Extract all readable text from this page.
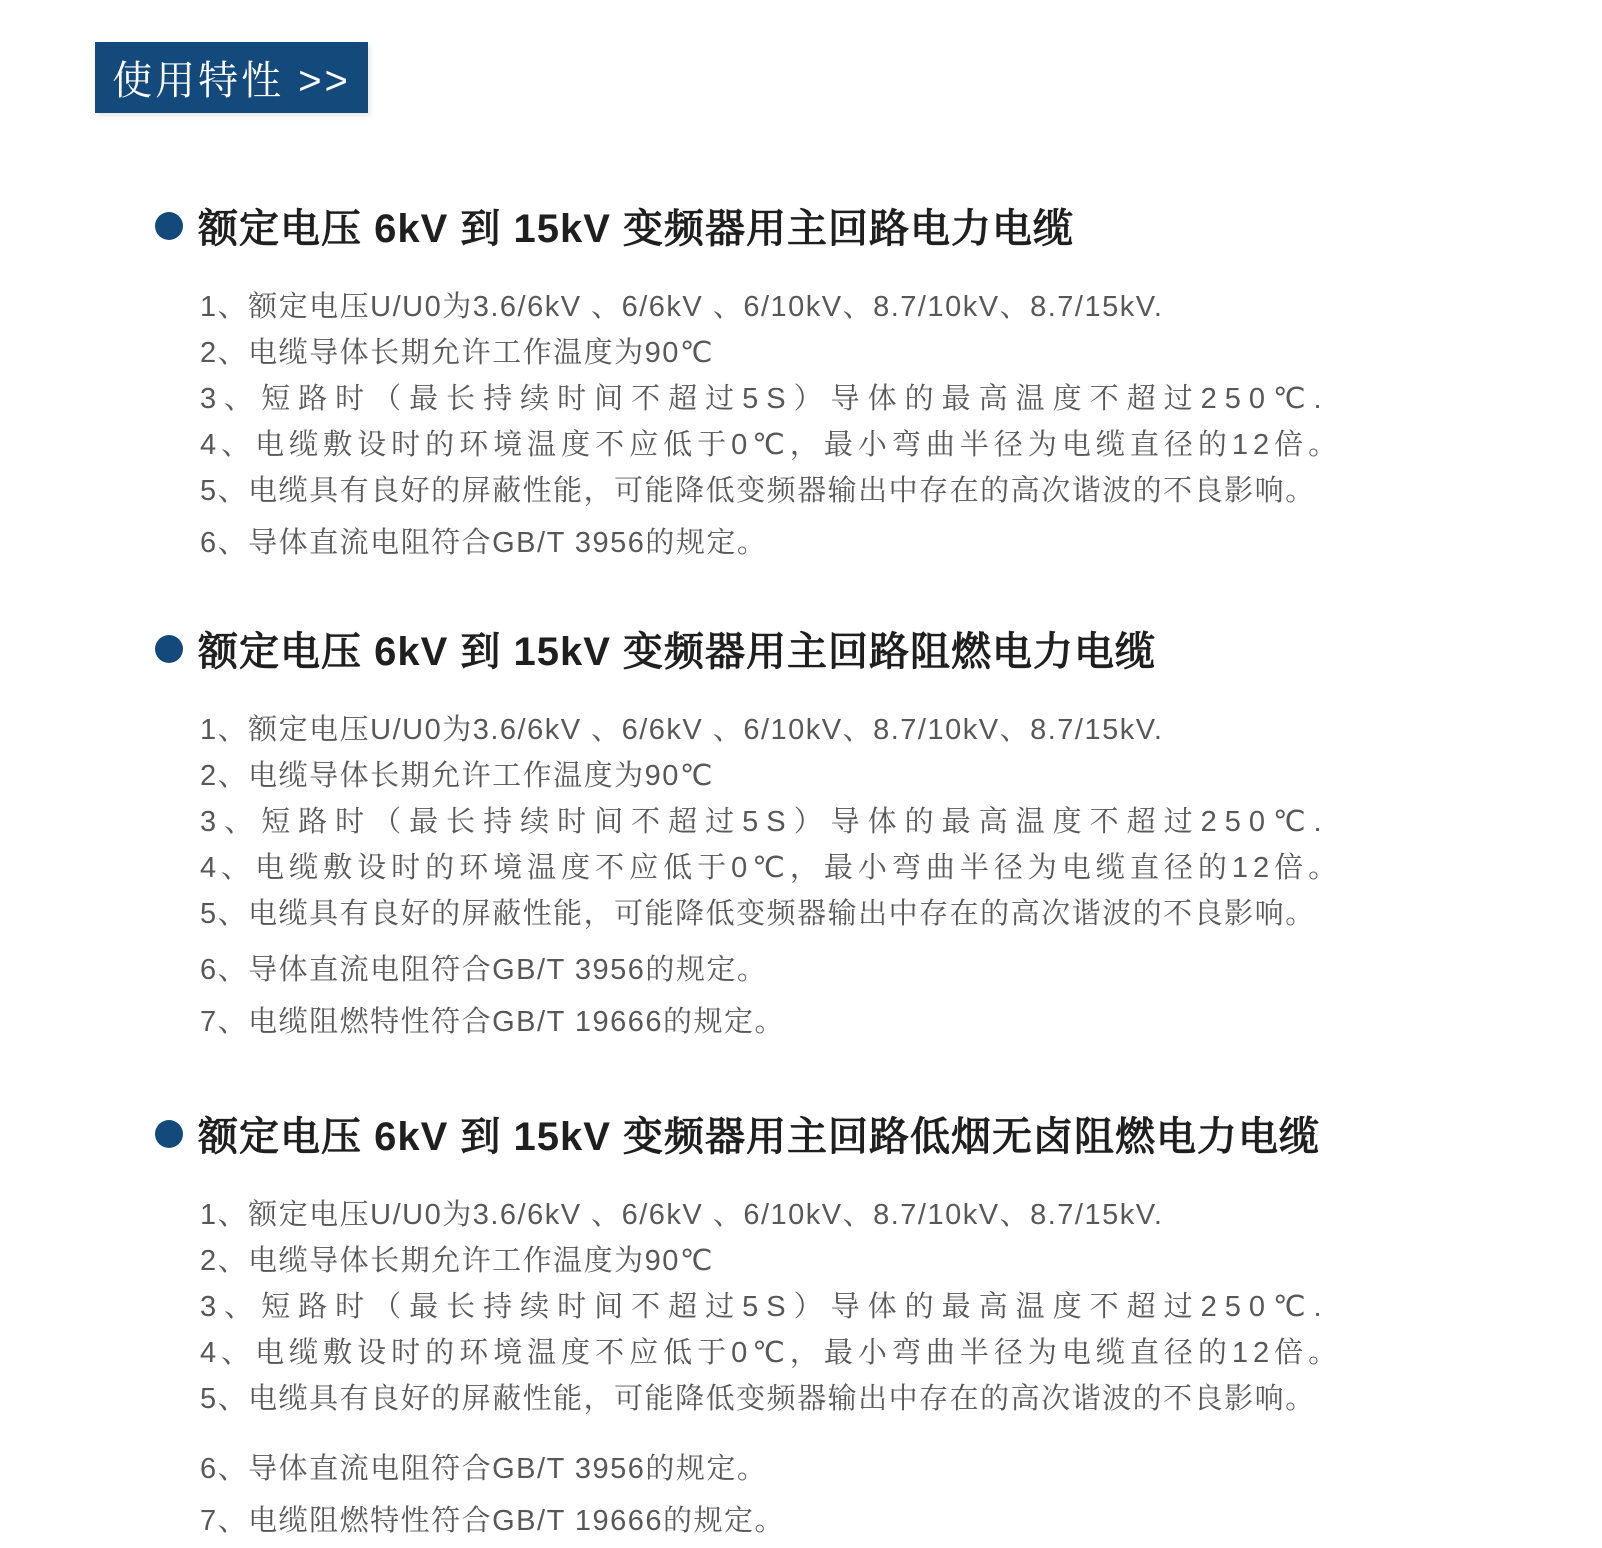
使用特性 >>
额定电压 6kV 到 15kV 变频器用主回路电力电缆
1、额定电压U/U0为3.6/6kV 、6/6kV 、6/10kV、8.7/10kV、8.7/15kV.
2、电缆导体长期允许工作温度为90℃
3、短路时（最长持续时间不超过5S）导体的最高温度不超过250℃.
4、电缆敷设时的环境温度不应低于0℃，最小弯曲半径为电缆直径的12倍。
5、电缆具有良好的屏蔽性能，可能降低变频器输出中存在的高次谐波的不良影响。
6、导体直流电阻符合GB/T 3956的规定。
额定电压 6kV 到 15kV 变频器用主回路阻燃电力电缆
1、额定电压U/U0为3.6/6kV 、6/6kV 、6/10kV、8.7/10kV、8.7/15kV.
2、电缆导体长期允许工作温度为90℃
3、短路时（最长持续时间不超过5S）导体的最高温度不超过250℃.
4、电缆敷设时的环境温度不应低于0℃，最小弯曲半径为电缆直径的12倍。
5、电缆具有良好的屏蔽性能，可能降低变频器输出中存在的高次谐波的不良影响。
6、导体直流电阻符合GB/T 3956的规定。
7、电缆阻燃特性符合GB/T 19666的规定。
额定电压 6kV 到 15kV 变频器用主回路低烟无卤阻燃电力电缆
1、额定电压U/U0为3.6/6kV 、6/6kV 、6/10kV、8.7/10kV、8.7/15kV.
2、电缆导体长期允许工作温度为90℃
3、短路时（最长持续时间不超过5S）导体的最高温度不超过250℃.
4、电缆敷设时的环境温度不应低于0℃，最小弯曲半径为电缆直径的12倍。
5、电缆具有良好的屏蔽性能，可能降低变频器输出中存在的高次谐波的不良影响。
6、导体直流电阻符合GB/T 3956的规定。
7、电缆阻燃特性符合GB/T 19666的规定。
